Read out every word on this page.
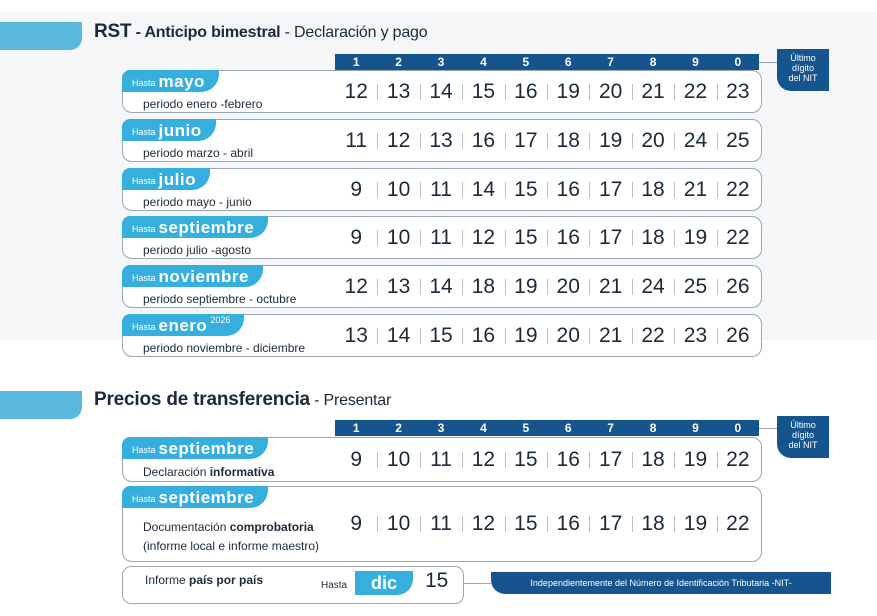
RST - Anticipo bimestral - Declaración y pago
1	2	3	4	5	6	7	8	9	0	Último
dígito
del NIT
Hasta mayo
periodo enero -febrero
12 13 14 15 16 19 20 21 22 23
Hasta junio
periodo marzo - abril
11 12 13 16 17 18 19 20 24 25
Hasta julio
periodo mayo - junio
9	10 11 14 15 16 17 18 21 22
Hasta septiembre
periodo julio -agosto
9	10 11 12 15 16 17 18 19 22
Hasta noviembre
periodo septiembre - octubre
12 13 14 18 19 20 21 24 25 26
Hasta enero 2026
periodo noviembre - diciembre
13 14 15 16 19 20 21 22 23 26
Precios de transferencia - Presentar
1	2	3	4	5	6	7	8	9	0	Último
dígito
del NIT
Hasta septiembre
Declaración informativa
9	10 11 12 15 16 17 18 19 22
Hasta septiembre
Documentación comprobatoria
(informe local e informe maestro)
9	10 11 12 15 16 17 18 19 22
Informe país por país	Hasta	dic	15	Independientemente del Número de Identificación Tributaria -NIT-
